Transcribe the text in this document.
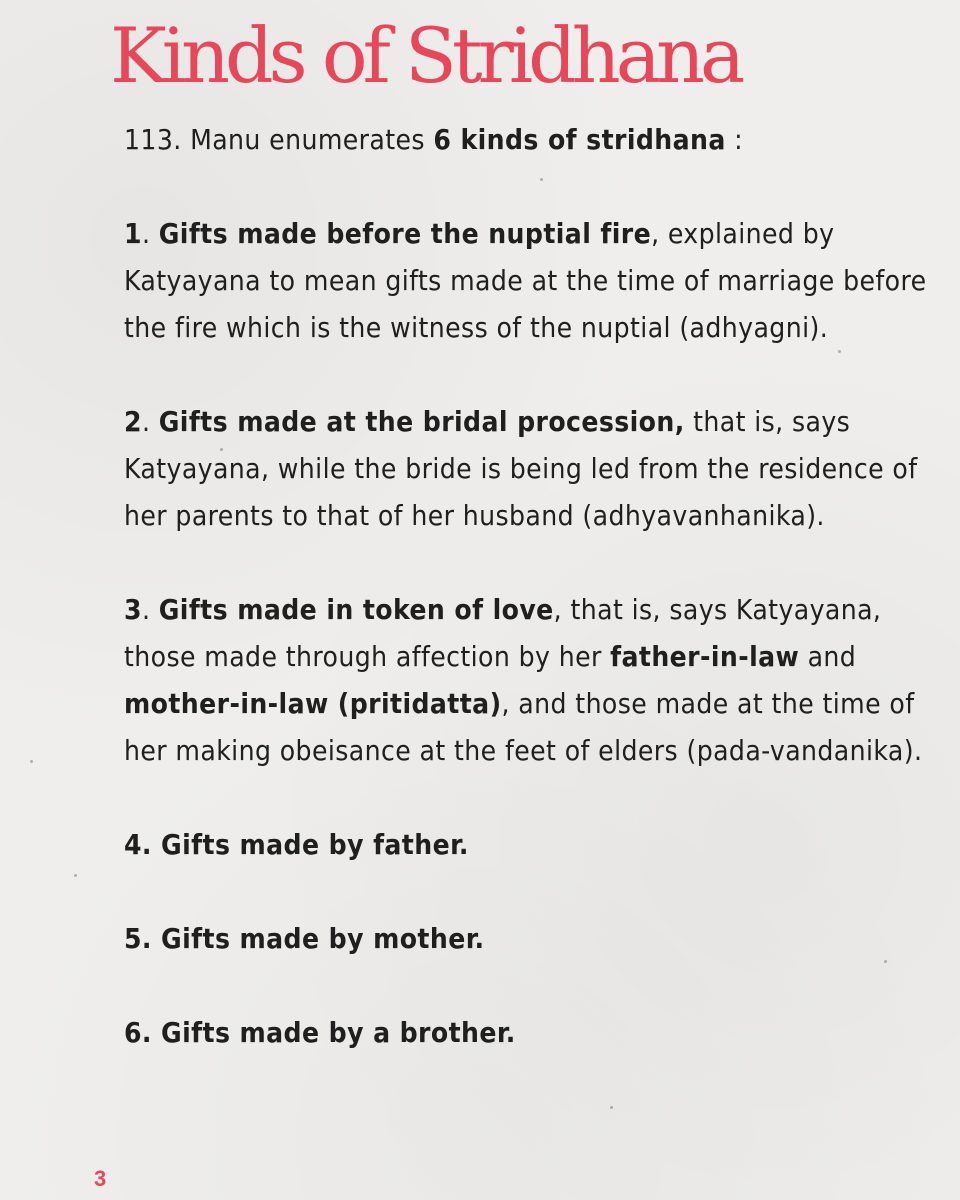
Kinds of Stridhana

113. Manu enumerates 6 kinds of stridhana :

1. Gifts made before the nuptial fire, explained by Katyayana to mean gifts made at the time of marriage before the fire which is the witness of the nuptial (adhyagni).

2. Gifts made at the bridal procession, that is, says Katyayana, while the bride is being led from the residence of her parents to that of her husband (adhyavanhanika).

3. Gifts made in token of love, that is, says Katyayana, those made through affection by her father-in-law and mother-in-law (pritidatta), and those made at the time of her making obeisance at the feet of elders (pada-vandanika).

4. Gifts made by father.

5. Gifts made by mother.

6. Gifts made by a brother.

3
